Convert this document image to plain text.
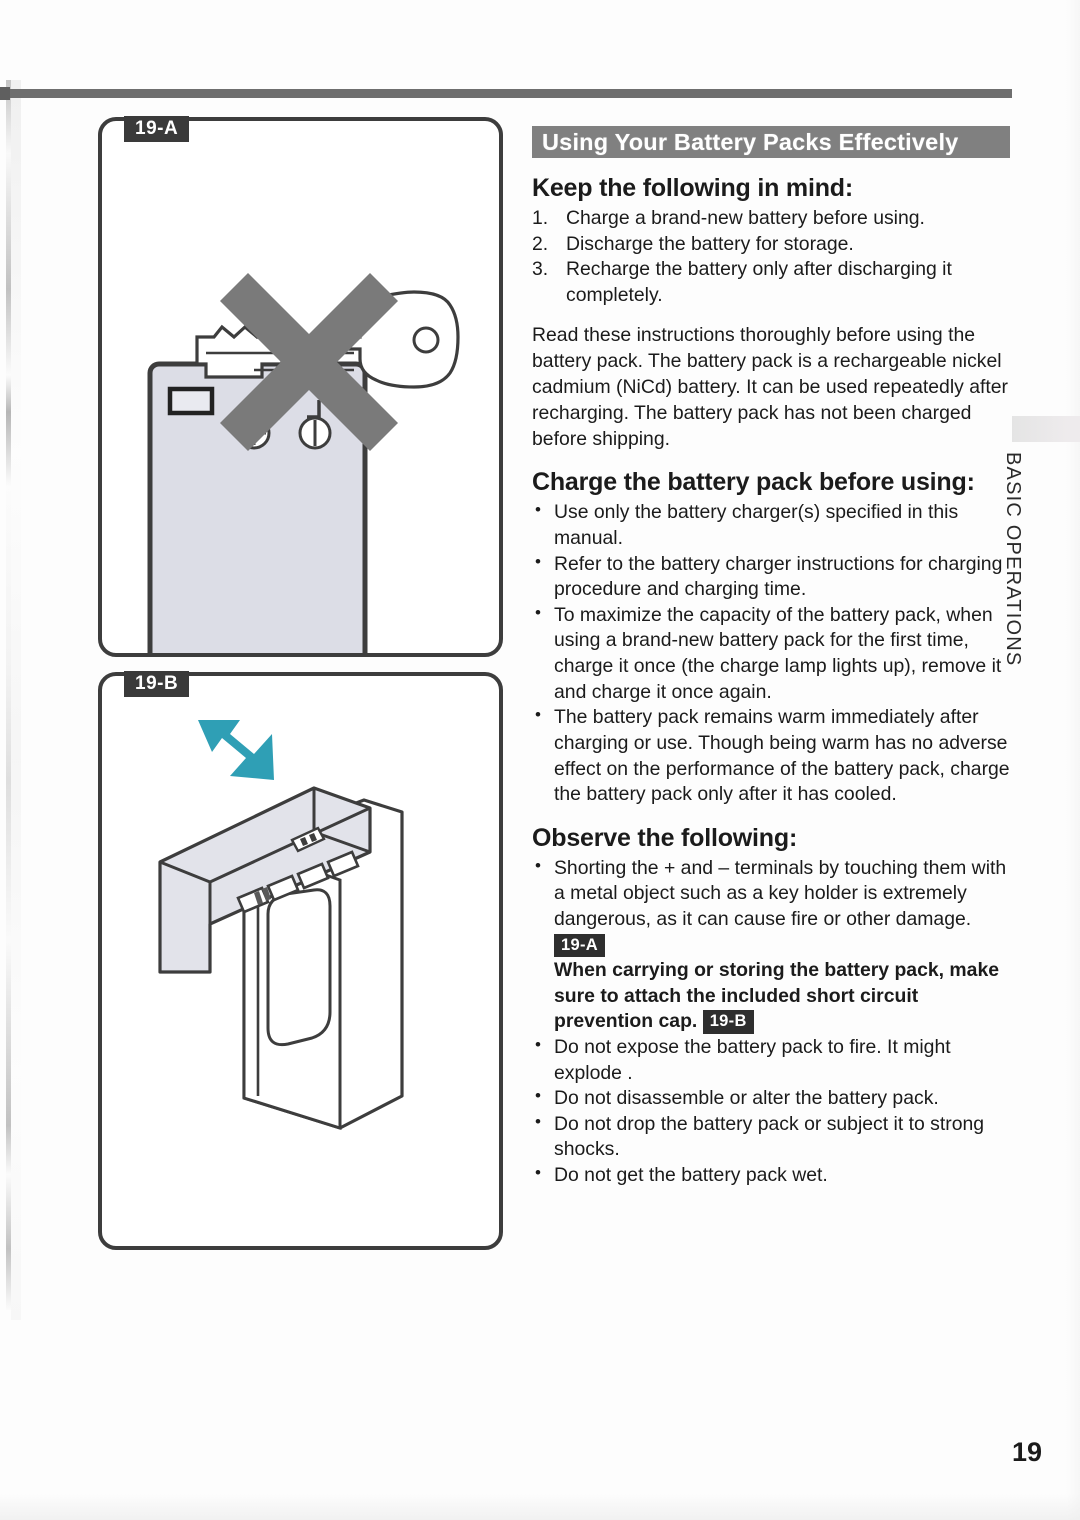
19-A
19-B
Using Your Battery Packs Effectively
Keep the following in mind:
1. Charge a brand-new battery before using.
2. Discharge the battery for storage.
3. Recharge the battery only after discharging it completely.

Read these instructions thoroughly before using the battery pack. The battery pack is a rechargeable nickel cadmium (NiCd) battery. It can be used repeatedly after recharging. The battery pack has not been charged before shipping.

Charge the battery pack before using:
• Use only the battery charger(s) specified in this manual.
• Refer to the battery charger instructions for charging procedure and charging time.
• To maximize the capacity of the battery pack, when using a brand-new battery pack for the first time, charge it once (the charge lamp lights up), remove it and charge it once again.
• The battery pack remains warm immediately after charging or use. Though being warm has no adverse effect on the performance of the battery pack, charge the battery pack only after it has cooled.
Observe the following:
• Shorting the + and – terminals by touching them with a metal object such as a key holder is extremely dangerous, as it can cause fire or other damage. 19-A
When carrying or storing the battery pack, make sure to attach the included short circuit prevention cap. 19-B
• Do not expose the battery pack to fire. It might explode .
• Do not disassemble or alter the battery pack.
• Do not drop the battery pack or subject it to strong shocks.
• Do not get the battery pack wet.
BASIC OPERATIONS
19
